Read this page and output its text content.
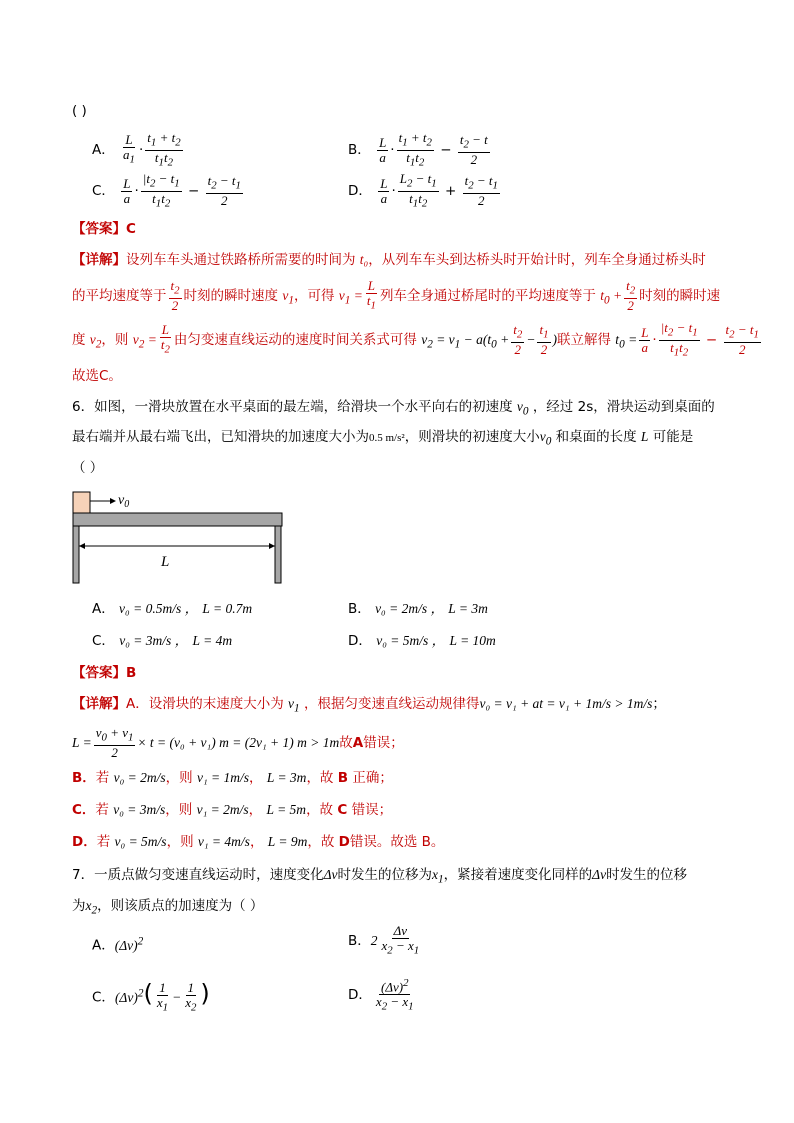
( )
A． $\frac{L}{a_1} \cdot \frac{t_1 + t_2}{t_1t_2}$	B． $\frac{L}{a} \cdot \frac{t_1 + t_2}{t_1t_2} - \frac{t_2 - t}{2}$
C． $\frac{L}{a} \cdot \frac{|t_2 - t_1}{t_1t_2} - \frac{t_2 - t_1}{2}$	D． $\frac{L}{a} \cdot \frac{L_2 - t_1}{t_1t_2} + \frac{t_2 - t_1}{2}$
【答案】C
【详解】设列车车头通过铁路桥所需要的时间为 t₀，从列车车头到达桥头时开始计时，列车全身通过桥头时
的平均速度等于 $\frac{t_2}{2}$ 时刻的瞬时速度 $v_1$，可得 $v_1 = \frac{L}{t_1}$ 列车全身通过桥尾时的平均速度等于 $t_0 + \frac{t_2}{2}$ 时刻的瞬时速
度 $v_2$，则 $v_2 = \frac{L}{t_2}$ 由匀变速直线运动的速度时间关系式可得 $v_2 = v_1 - a(t_0 + \frac{t_2}{2} - \frac{t_1}{2}$ )联立解得 $t_0 = \frac{L}{a} \cdot \frac{|t_2 - t_1}{t_1t_2} - \frac{t_2 - t_1}{2}$
故选C。
6．如图，一滑块放置在水平桌面的最左端，给滑块一个水平向右的初速度 $v_0$ ，经过 2s，滑块运动到桌面的
最右端并从最右端飞出，已知滑块的加速度大小为0.5 m/s²，则滑块的初速度大小$v_0$ 和桌面的长度 L 可能是
（ ）
$v_0$
L
A． v₀ = 0.5m/s ， L = 0.7m	B． v₀ = 2m/s ， L = 3m
C． v₀ = 3m/s ， L = 4m	D． v₀ = 5m/s ， L = 10m
【答案】B
【详解】A．设滑块的末速度大小为 $v_1$ ，根据匀变速直线运动规律得v₀ = v₁ + at = v₁ + 1m/s > 1m/s；
$L = \frac{v_0 + v_1}{2} \times t = (v_0 + v_1) m = (2v_1 + 1) m > 1m$故A错误；
B．若 v₀ = 2m/s，则 v₁ = 1m/s， L = 3m，故 B 正确；
C．若 v₀ = 3m/s，则 v₁ = 2m/s， L = 5m，故 C 错误；
D．若 v₀ = 5m/s，则 v₁ = 4m/s， L = 9m，故 D错误。故选 B。
7．一质点做匀变速直线运动时，速度变化Δv时发生的位移为$x_1$，紧接着速度变化同样的Δv时发生的位移
为$x_2$，则该质点的加速度为（ ）
A．$(\Delta v)^2$	B．$2 \frac{\Delta v}{x_2 - x_1}$
C．$(\Delta v)^2( \frac{1}{x_1} - \frac{1}{x_2}$ )	D． $\frac{(\Delta v)^2}{x_2 - x_1}$
